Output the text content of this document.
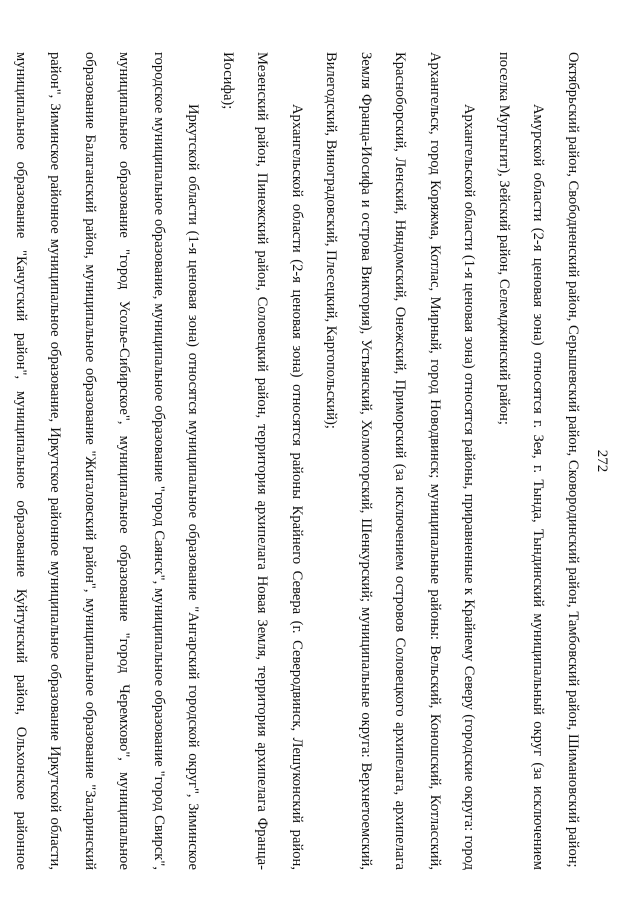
272

Октябрьский район, Свободненский район, Серышевский район, Сковородинский район, Тамбовский район, Шимановский район;

Амурской области (2-я ценовая зона) относятся г. Зея, г. Тында, Тындинский муниципальный округ (за исключением поселка Муртыгит), Зейский район, Селемджинский район;

Архангельской области (1-я ценовая зона) относятся районы, приравненные к Крайнему Северу (городские округа: город Архангельск, город Коряжма, Котлас, Мирный, город Новодвинск; муниципальные районы: Вельский, Коношский, Котласский, Красноборский, Ленский, Няндомский, Онежский, Приморский (за исключением островов Соловецкого архипелага, архипелага Земля Франца-Иосифа и острова Виктория), Устьянский, Холмогорский, Шенкурский; муниципальные округа: Верхнетоемский, Вилегодский, Виноградовский, Плесецкий, Каргопольский);

Архангельской области (2-я ценовая зона) относятся районы Крайнего Севера (г. Северодвинск, Лешуконский район, Мезенский район, Пинежский район, Соловецкий район, территория архипелага Новая Земля, территория архипелага Франца-Иосифа);

Иркутской области (1-я ценовая зона) относятся муниципальное образование "Ангарский городской округ", Зиминское городское муниципальное образование, муниципальное образование "город Саянск", муниципальное образование "город Свирск", муниципальное образование "город Усолье-Сибирское", муниципальное образование "город Черемхово", муниципальное образование Балаганский район, муниципальное образование "Жигаловский район", муниципальное образование "Заларинский район", Зиминское районное муниципальное образование, Иркутское районное муниципальное образование Иркутской области, муниципальное образование "Качугский район", муниципальное образование Куйтунский район, Ольхонское районное
